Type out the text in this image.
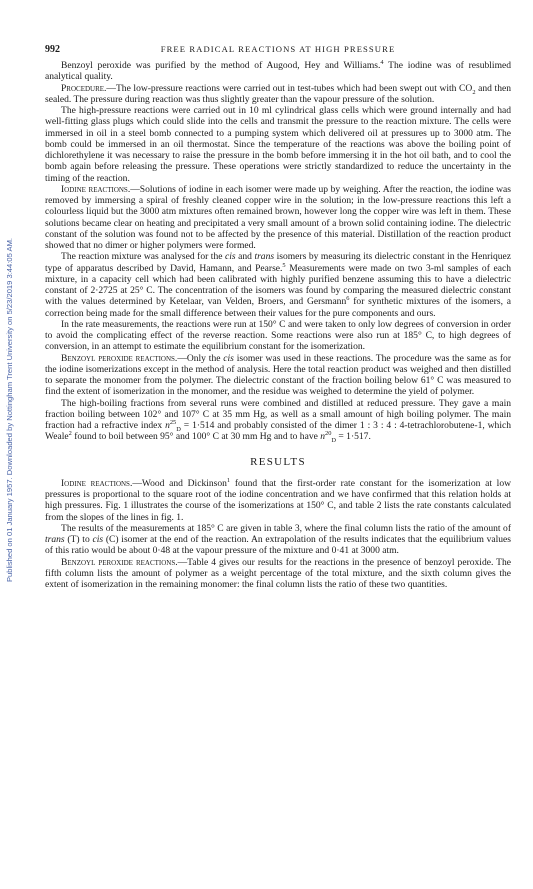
Published on 01 January 1957. Downloaded by Nottingham Trent University on 5/23/2019 3:44:05 AM.
992	FREE RADICAL REACTIONS AT HIGH PRESSURE

Benzoyl peroxide was purified by the method of Augood, Hey and Williams.$^4$ The iodine was of resublimed analytical quality.

Procedure.—The low-pressure reactions were carried out in test-tubes which had been swept out with $CO_2$ and then sealed. The pressure during reaction was thus slightly greater than the vapour pressure of the solution.

The high-pressure reactions were carried out in 10 ml cylindrical glass cells which were ground internally and had well-fitting glass plugs which could slide into the cells and transmit the pressure to the reaction mixture. The cells were immersed in oil in a steel bomb connected to a pumping system which delivered oil at pressures up to 3000 atm. The bomb could be immersed in an oil thermostat. Since the temperature of the reactions was above the boiling point of dichlorethylene it was necessary to raise the pressure in the bomb before immersing it in the hot oil bath, and to cool the bomb again before releasing the pressure. These operations were strictly standardized to reduce the uncertainty in the timing of the reaction.

Iodine reactions.—Solutions of iodine in each isomer were made up by weighing. After the reaction, the iodine was removed by immersing a spiral of freshly cleaned copper wire in the solution; in the low-pressure reactions this left a colourless liquid but the 3000 atm mixtures often remained brown, however long the copper wire was left in them. These solutions became clear on heating and precipitated a very small amount of a brown solid containing iodine. The dielectric constant of the solution was found not to be affected by the presence of this material. Distillation of the reaction product showed that no dimer or higher polymers were formed.

The reaction mixture was analysed for the cis and trans isomers by measuring its dielectric constant in the Henriquez type of apparatus described by David, Hamann, and Pearse.$^5$ Measurements were made on two 3-ml samples of each mixture, in a capacity cell which had been calibrated with highly purified benzene assuming this to have a dielectric constant of 2·2725 at 25° C. The concentration of the isomers was found by comparing the measured dielectric constant with the values determined by Ketelaar, van Velden, Broers, and Gersmann$^6$ for synthetic mixtures of the isomers, a correction being made for the small difference between their values for the pure components and ours.

In the rate measurements, the reactions were run at 150° C and were taken to only low degrees of conversion in order to avoid the complicating effect of the reverse reaction. Some reactions were also run at 185° C, to high degrees of conversion, in an attempt to estimate the equilibrium constant for the isomerization.

Benzoyl peroxide reactions.—Only the cis isomer was used in these reactions. The procedure was the same as for the iodine isomerizations except in the method of analysis. Here the total reaction product was weighed and then distilled to separate the monomer from the polymer. The dielectric constant of the fraction boiling below 61° C was measured to find the extent of isomerization in the monomer, and the residue was weighed to determine the yield of polymer.

The high-boiling fractions from several runs were combined and distilled at reduced pressure. They gave a main fraction boiling between 102° and 107° C at 35 mm Hg, as well as a small amount of high boiling polymer. The main fraction had a refractive index $n^{25}_D = 1\cdot 514$ and probably consisted of the dimer 1 : 3 : 4 : 4-tetrachlorobutene-1, which Weale$^2$ found to boil between 95° and 100° C at 30 mm Hg and to have $n^{20}_D = 1\cdot 517$.

RESULTS

Iodine reactions.—Wood and Dickinson$^1$ found that the first-order rate constant for the isomerization at low pressures is proportional to the square root of the iodine concentration and we have confirmed that this relation holds at high pressures. Fig. 1 illustrates the course of the isomerizations at 150° C, and table 2 lists the rate constants calculated from the slopes of the lines in fig. 1.

The results of the measurements at 185° C are given in table 3, where the final column lists the ratio of the amount of trans (T) to cis (C) isomer at the end of the reaction. An extrapolation of the results indicates that the equilibrium values of this ratio would be about 0·48 at the vapour pressure of the mixture and 0·41 at 3000 atm.

Benzoyl peroxide reactions.—Table 4 gives our results for the reactions in the presence of benzoyl peroxide. The fifth column lists the amount of polymer as a weight percentage of the total mixture, and the sixth column gives the extent of isomerization in the remaining monomer: the final column lists the ratio of these two quantities.
